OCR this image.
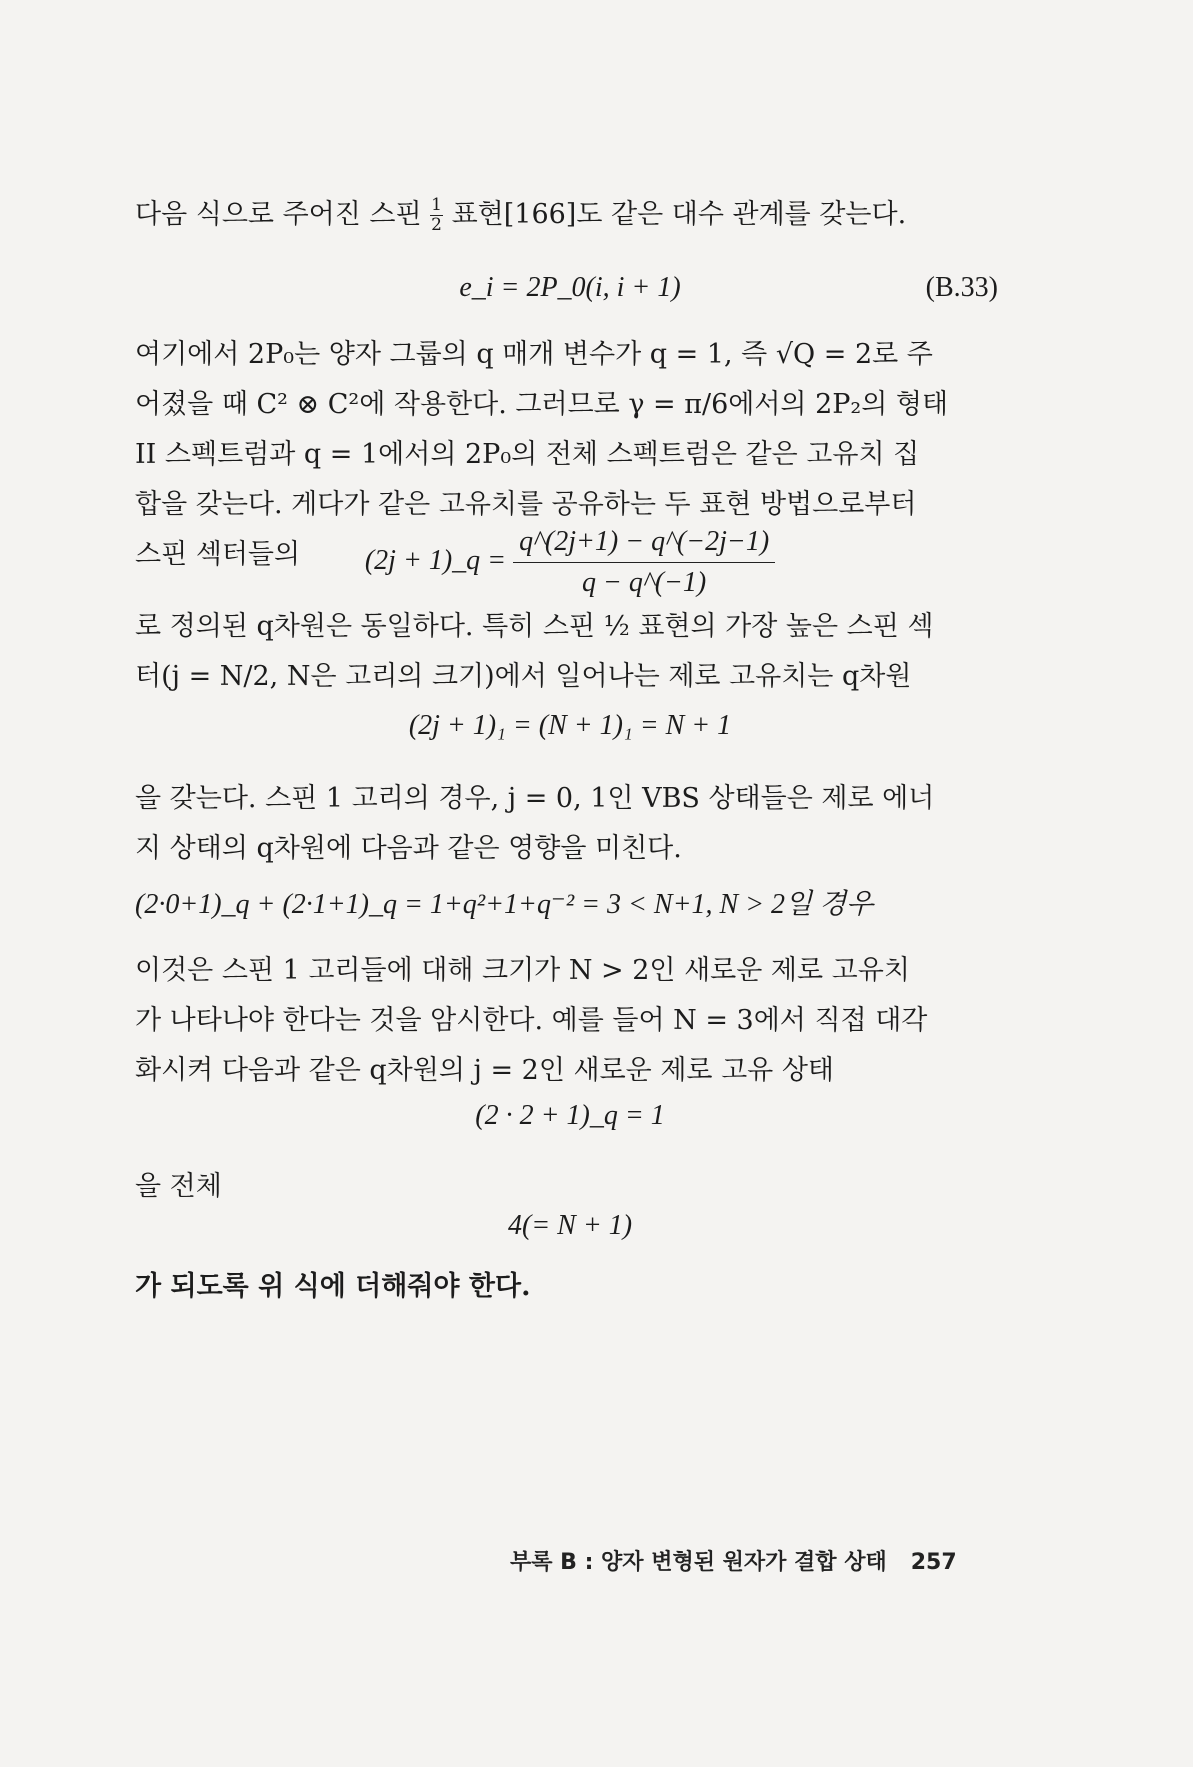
다음 식으로 주어진 스핀 $\frac{1}{2}$ 표현[166]도 같은 대수 관계를 갖는다.
e_i = 2P_0(i, i + 1)	(B.33)
여기에서 2P₀는 양자 그룹의 q 매개 변수가 q = 1, 즉 √Q = 2로 주
어졌을 때 C² ⊗ C²에 작용한다. 그러므로 γ = π/6에서의 2P₂의 형태
II 스펙트럼과 q = 1에서의 2P₀의 전체 스펙트럼은 같은 고유치 집
합을 갖는다. 게다가 같은 고유치를 공유하는 두 표현 방법으로부터
스핀 섹터들의	(2j + 1)_q = $\frac{q\^{}(2j+1) - q\^{}(-2j-1)}{q - q\^{}(-1)}$
로 정의된 q차원은 동일하다. 특히 스핀 ½ 표현의 가장 높은 스핀 섹
터(j = N/2, N은 고리의 크기)에서 일어나는 제로 고유치는 q차원
(2j + 1)₁ = (N + 1)₁ = N + 1
을 갖는다. 스핀 1 고리의 경우, j = 0, 1인 VBS 상태들은 제로 에너
지 상태의 q차원에 다음과 같은 영향을 미친다.
(2·0+1)_q + (2·1+1)_q = 1+q²+1+q⁻² = 3 < N+1, N > 2일 경우
이것은 스핀 1 고리들에 대해 크기가 N > 2인 새로운 제로 고유치
가 나타나야 한다는 것을 암시한다. 예를 들어 N = 3에서 직접 대각
화시켜 다음과 같은 q차원의 j = 2인 새로운 제로 고유 상태
(2 · 2 + 1)_q = 1
을 전체
4(= N + 1)
가 되도록 위 식에 더해줘야 한다.
부록 B : 양자 변형된 원자가 결합 상태 257
